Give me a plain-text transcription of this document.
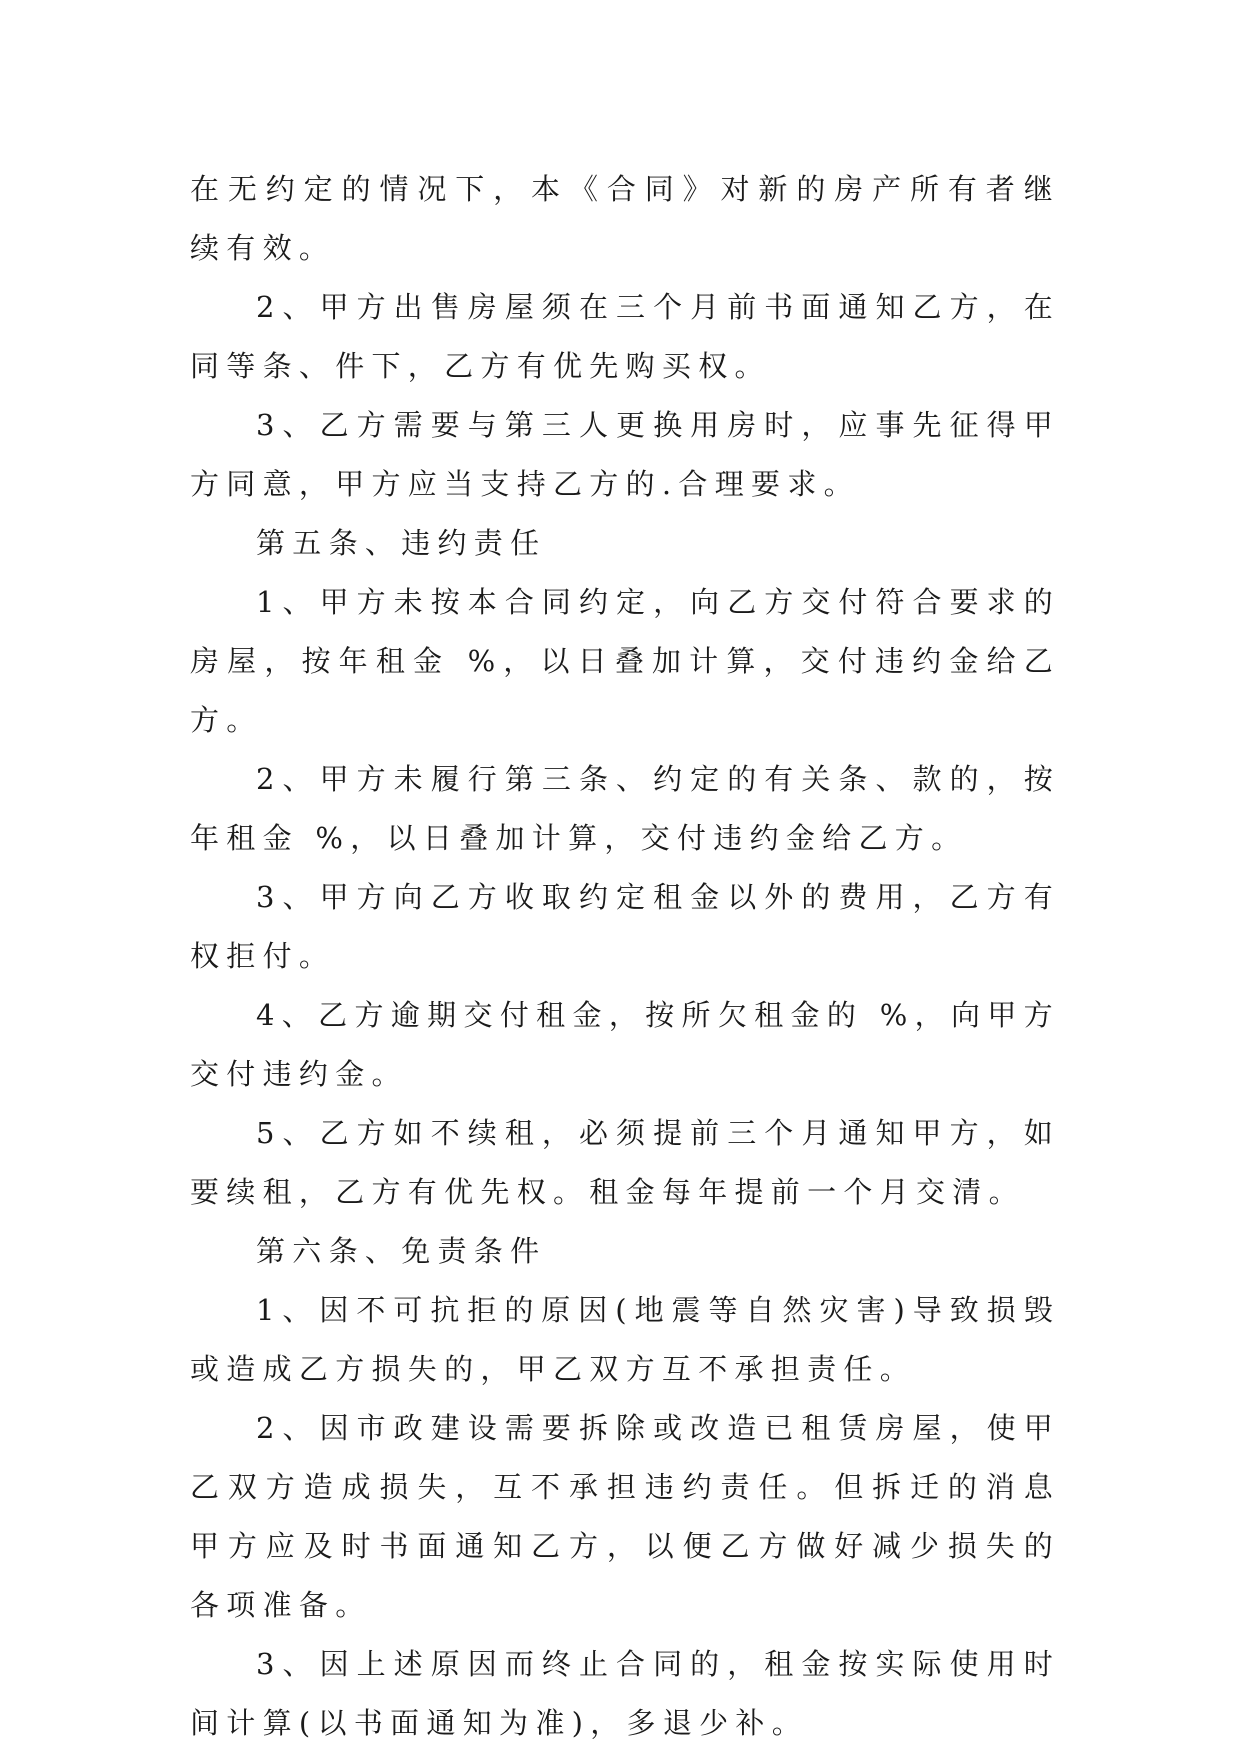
在无约定的情况下，本《合同》对新的房产所有者继续有效。

2、甲方出售房屋须在三个月前书面通知乙方，在同等条、件下，乙方有优先购买权。

3、乙方需要与第三人更换用房时，应事先征得甲方同意，甲方应当支持乙方的.合理要求。

第五条、违约责任

1、甲方未按本合同约定，向乙方交付符合要求的房屋，按年租金 %，以日叠加计算，交付违约金给乙方。

2、甲方未履行第三条、约定的有关条、款的，按年租金 %，以日叠加计算，交付违约金给乙方。

3、甲方向乙方收取约定租金以外的费用，乙方有权拒付。

4、乙方逾期交付租金，按所欠租金的 %，向甲方交付违约金。

5、乙方如不续租，必须提前三个月通知甲方，如要续租，乙方有优先权。租金每年提前一个月交清。

第六条、免责条件

1、因不可抗拒的原因(地震等自然灾害)导致损毁或造成乙方损失的，甲乙双方互不承担责任。

2、因市政建设需要拆除或改造已租赁房屋，使甲乙双方造成损失，互不承担违约责任。但拆迁的消息甲方应及时书面通知乙方，以便乙方做好减少损失的各项准备。

3、因上述原因而终止合同的，租金按实际使用时间计算(以书面通知为准)，多退少补。
